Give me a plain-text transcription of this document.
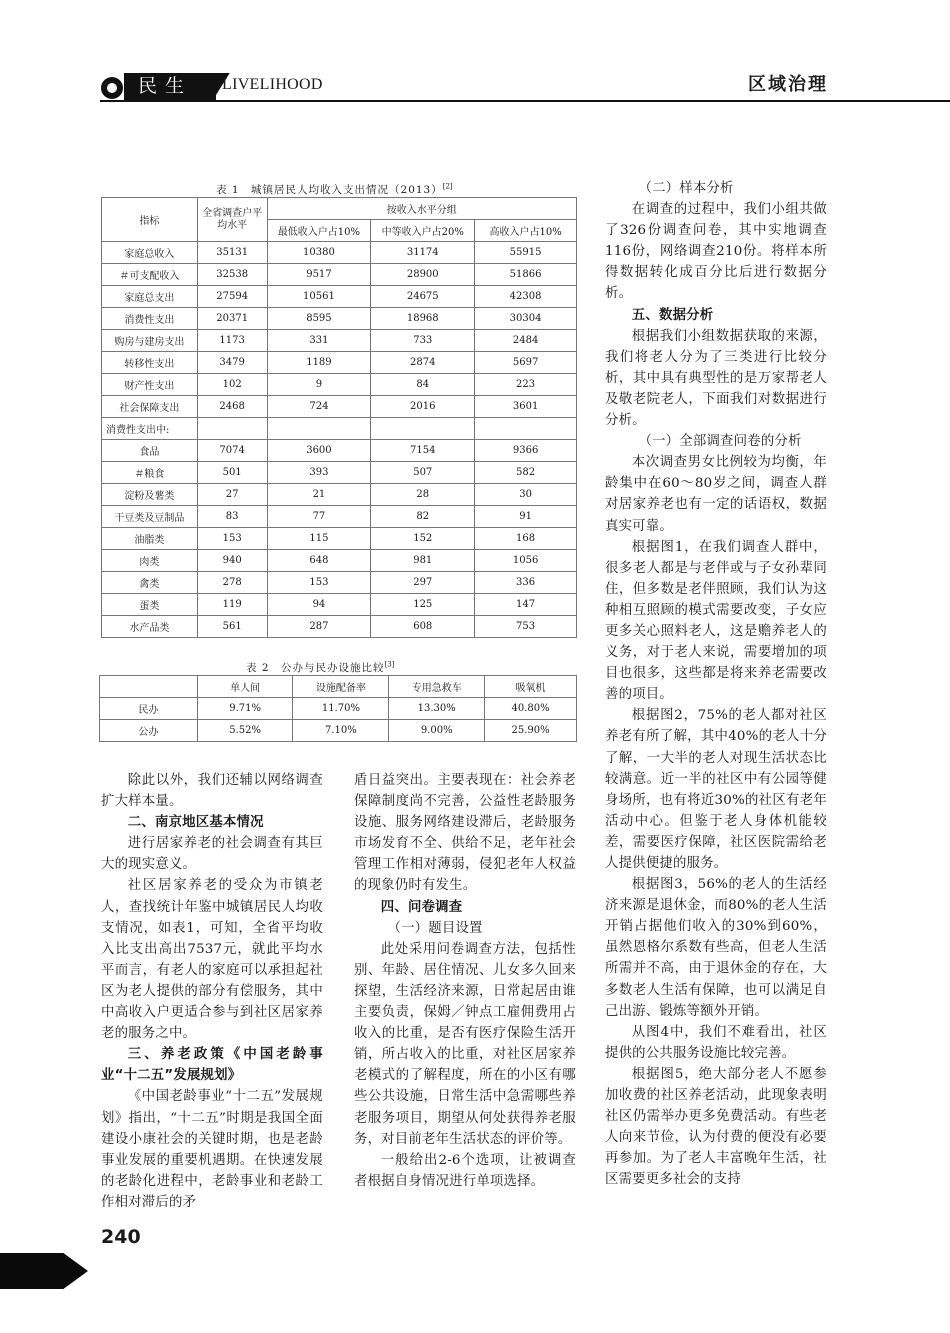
民生	LIVELIHOOD	区域治理
表 1　城镇居民人均收入支出情况（2013）[2]
指标	全省调查户平均水平	按收入水平分组		
		最低收入户占10%	中等收入户占20%	高收入户占10%
家庭总收入	35131	10380	31174	55915
＃可支配收入	32538	9517	28900	51866
家庭总支出	27594	10561	24675	42308
消费性支出	20371	8595	18968	30304
购房与建房支出	1173	331	733	2484
转移性支出	3479	1189	2874	5697
财产性支出	102	9	84	223
社会保障支出	2468	724	2016	3601
消费性支出中:				
食品	7074	3600	7154	9366
＃粮食	501	393	507	582
淀粉及薯类	27	21	28	30
干豆类及豆制品	83	77	82	91
油脂类	153	115	152	168
肉类	940	648	981	1056
禽类	278	153	297	336
蛋类	119	94	125	147
水产品类	561	287	608	753
表 2　公办与民办设施比较[3]
	单人间	设施配备率	专用急救车	吸氧机
民办	9.71%	11.70%	13.30%	40.80%
公办	5.52%	7.10%	9.00%	25.90%

除此以外，我们还辅以网络调查扩大样本量。

二、南京地区基本情况

进行居家养老的社会调查有其巨大的现实意义。

社区居家养老的受众为市镇老人，查找统计年鉴中城镇居民人均收支情况，如表1，可知，全省平均收入比支出高出7537元，就此平均水平而言，有老人的家庭可以承担起社区为老人提供的部分有偿服务，其中中高收入户更适合参与到社区居家养老的服务之中。

三、养老政策《中国老龄事业“十二五”发展规划》

《中国老龄事业“十二五”发展规划》指出，“十二五”时期是我国全面建设小康社会的关键时期，也是老龄事业发展的重要机遇期。在快速发展的老龄化进程中，老龄事业和老龄工作相对滞后的矛

盾日益突出。主要表现在：社会养老保障制度尚不完善，公益性老龄服务设施、服务网络建设滞后，老龄服务市场发育不全、供给不足，老年社会管理工作相对薄弱，侵犯老年人权益的现象仍时有发生。

四、问卷调查
（一）题目设置

此处采用问卷调查方法，包括性别、年龄、居住情况、儿女多久回来探望，生活经济来源，日常起居由谁主要负责，保姆／钟点工雇佣费用占收入的比重，是否有医疗保险生活开销，所占收入的比重，对社区居家养老模式的了解程度，所在的小区有哪些公共设施，日常生活中急需哪些养老服务项目，期望从何处获得养老服务，对目前老年生活状态的评价等。

一般给出2-6个选项，让被调查者根据自身情况进行单项选择。

（二）样本分析

在调查的过程中，我们小组共做了326份调查问卷，其中实地调查116份，网络调查210份。将样本所得数据转化成百分比后进行数据分析。

五、数据分析

根据我们小组数据获取的来源，我们将老人分为了三类进行比较分析，其中具有典型性的是万家帮老人及敬老院老人，下面我们对数据进行分析。

（一）全部调查问卷的分析

本次调查男女比例较为均衡，年龄集中在60～80岁之间，调查人群对居家养老也有一定的话语权，数据真实可靠。

根据图1，在我们调查人群中，很多老人都是与老伴或与子女孙辈同住，但多数是老伴照顾，我们认为这种相互照顾的模式需要改变，子女应更多关心照料老人，这是赡养老人的义务，对于老人来说，需要增加的项目也很多，这些都是将来养老需要改善的项目。

根据图2，75%的老人都对社区养老有所了解，其中40%的老人十分了解，一大半的老人对现生活状态比较满意。近一半的社区中有公园等健身场所，也有将近30%的社区有老年活动中心。但鉴于老人身体机能较差，需要医疗保障，社区医院需给老人提供便捷的服务。

根据图3，56%的老人的生活经济来源是退休金，而80%的老人生活开销占据他们收入的30%到60%，虽然恩格尔系数有些高，但老人生活所需并不高，由于退休金的存在，大多数老人生活有保障，也可以满足自己出游、锻炼等额外开销。

从图4中，我们不难看出，社区提供的公共服务设施比较完善。

根据图5，绝大部分老人不愿参加收费的社区养老活动，此现象表明社区仍需举办更多免费活动。有些老人向来节俭，认为付费的便没有必要再参加。为了老人丰富晚年生活，社区需要更多社会的支持

240
